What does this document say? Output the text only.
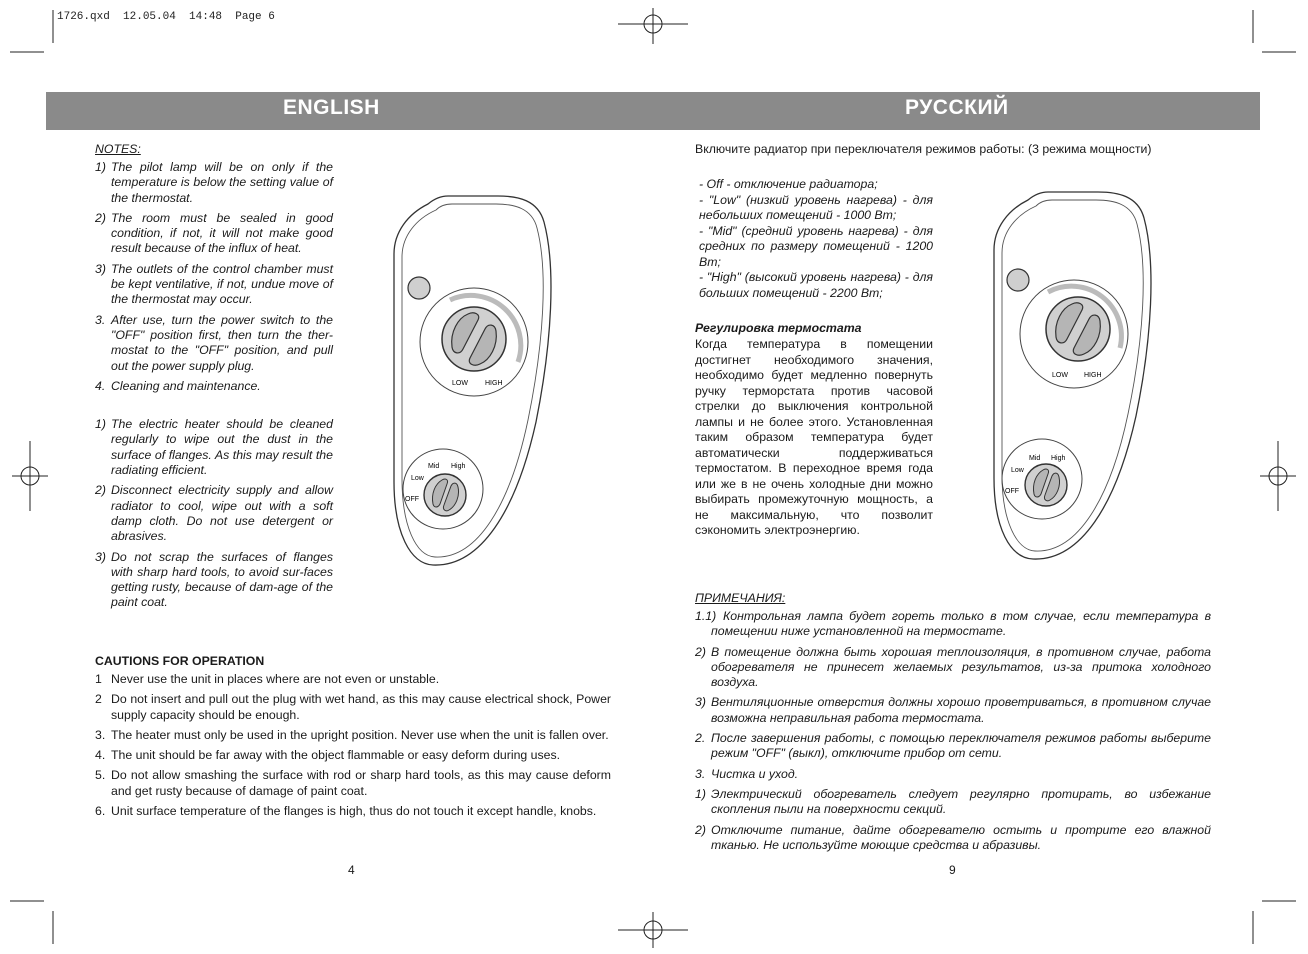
1726.qxd  12.05.04  14:48  Page 6
ENGLISH	РУССКИЙ
NOTES:
1) The pilot lamp will be on only if the temperature is below the setting value of the thermostat.
2) The room must be sealed in good condition, if not, it will not make good result because of the influx of heat.
3) The outlets of the control chamber must be kept ventilative, if not, undue move of the thermostat may occur.
3. After use, turn the power switch to the "OFF" position first, then turn the ther-mostat to the "OFF" position, and pull out the power supply plug.
4. Cleaning and maintenance.
1) The electric heater should be cleaned regularly to wipe out the dust in the surface of flanges. As this may result the radiating efficient.
2) Disconnect electricity supply and allow radiator to cool, wipe out with a soft damp cloth. Do not use detergent or abrasives.
3) Do not scrap the surfaces of flanges with sharp hard tools, to avoid sur-faces getting rusty, because of dam-age of the paint coat.
LOW HIGH
Mid High
Low
OFF
CAUTIONS FOR OPERATION
1 Never use the unit in places where are not even or unstable.
2 Do not insert and pull out the plug with wet hand, as this may cause electrical shock, Power supply capacity should be enough.
3. The heater must only be used in the upright position. Never use when the unit is fallen over.
4. The unit should be far away with the object flammable or easy deform during uses.
5. Do not allow smashing the surface with rod or sharp hard tools, as this may cause deform and get rusty because of damage of paint coat.
6. Unit surface temperature of the flanges is high, thus do not touch it except handle, knobs.
4
Включите радиатор при переключателя режимов работы: (3 режима мощности)
- Off - отключение радиатора;
- "Low" (низкий уровень нагрева) - для небольших помещений - 1000 Вт;
- "Mid" (средний уровень нагрева) - для средних по размеру помещений - 1200 Вт;
- "High" (высокий уровень нагрева) - для больших помещений - 2200 Вт;
Регулировка термостата
Когда температура в помещении достигнет необходимого значения, необходимо будет медленно повернуть ручку терморстата против часовой стрелки до выключения контрольной лампы и не более этого. Установленная таким образом температура будет автоматически поддерживаться термостатом. В переходное время года или же в не очень холодные дни можно выбирать промежуточную мощность, а не максимальную, что позволит сэкономить электроэнергию.
LOW HIGH
Mid High
Low
OFF
ПРИМЕЧАНИЯ:
1.1) Контрольная лампа будет гореть только в том случае, если температура в помещении ниже установленной на термостате.
2) В помещение должна быть хорошая теплоизоляция, в противном случае, работа обогревателя не принесет желаемых результатов, из-за притока холодного воздуха.
3) Вентиляционные отверстия должны хорошо проветриваться, в противном случае возможна неправильная работа термостата.
2. После завершения работы, с помощью переключателя режимов работы выберите режим "OFF" (выкл), отключите прибор от сети.
3. Чистка и уход.
1) Электрический обогреватель следует регулярно протирать, во избежание скопления пыли на поверхности секций.
2) Отключите питание, дайте обогревателю остыть и протрите его влажной тканью. Не используйте моющие средства и абразивы.
9
